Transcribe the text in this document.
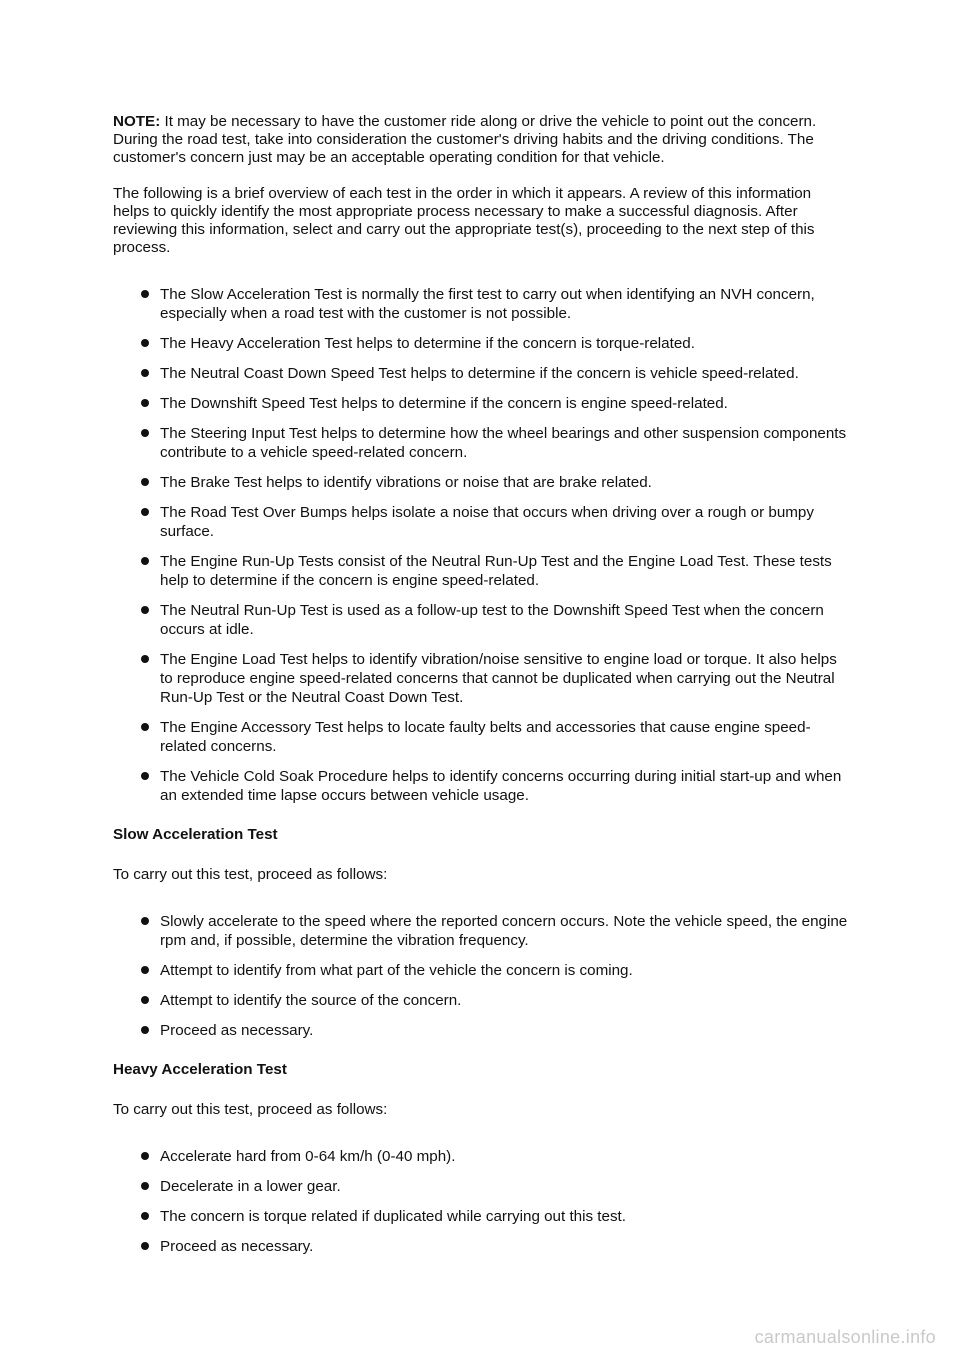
NOTE: It may be necessary to have the customer ride along or drive the vehicle to point out the concern. During the road test, take into consideration the customer's driving habits and the driving conditions. The customer's concern just may be an acceptable operating condition for that vehicle.

The following is a brief overview of each test in the order in which it appears. A review of this information helps to quickly identify the most appropriate process necessary to make a successful diagnosis. After reviewing this information, select and carry out the appropriate test(s), proceeding to the next step of this process.

The Slow Acceleration Test is normally the first test to carry out when identifying an NVH concern, especially when a road test with the customer is not possible.
The Heavy Acceleration Test helps to determine if the concern is torque-related.
The Neutral Coast Down Speed Test helps to determine if the concern is vehicle speed-related.
The Downshift Speed Test helps to determine if the concern is engine speed-related.
The Steering Input Test helps to determine how the wheel bearings and other suspension components contribute to a vehicle speed-related concern.
The Brake Test helps to identify vibrations or noise that are brake related.
The Road Test Over Bumps helps isolate a noise that occurs when driving over a rough or bumpy surface.
The Engine Run-Up Tests consist of the Neutral Run-Up Test and the Engine Load Test. These tests help to determine if the concern is engine speed-related.
The Neutral Run-Up Test is used as a follow-up test to the Downshift Speed Test when the concern occurs at idle.
The Engine Load Test helps to identify vibration/noise sensitive to engine load or torque. It also helps to reproduce engine speed-related concerns that cannot be duplicated when carrying out the Neutral Run-Up Test or the Neutral Coast Down Test.
The Engine Accessory Test helps to locate faulty belts and accessories that cause engine speed-related concerns.
The Vehicle Cold Soak Procedure helps to identify concerns occurring during initial start-up and when an extended time lapse occurs between vehicle usage.

Slow Acceleration Test

To carry out this test, proceed as follows:

Slowly accelerate to the speed where the reported concern occurs. Note the vehicle speed, the engine rpm and, if possible, determine the vibration frequency.
Attempt to identify from what part of the vehicle the concern is coming.
Attempt to identify the source of the concern.
Proceed as necessary.

Heavy Acceleration Test

To carry out this test, proceed as follows:

Accelerate hard from 0-64 km/h (0-40 mph).
Decelerate in a lower gear.
The concern is torque related if duplicated while carrying out this test.
Proceed as necessary.
carmanualsonline.info
